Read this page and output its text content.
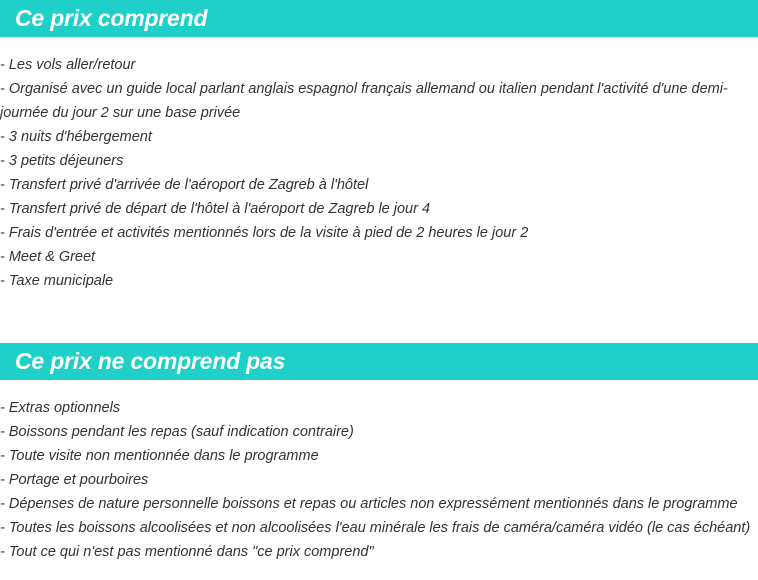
Ce prix comprend
- Les vols aller/retour
- Organisé avec un guide local parlant anglais espagnol français allemand ou italien pendant l'activité d'une demi-journée du jour 2 sur une base privée
- 3 nuits d'hébergement
- 3 petits déjeuners
- Transfert privé d'arrivée de l'aéroport de Zagreb à l'hôtel
- Transfert privé de départ de l'hôtel à l'aéroport de Zagreb le jour 4
- Frais d'entrée et activités mentionnés lors de la visite à pied de 2 heures le jour 2
- Meet & Greet
- Taxe municipale
Ce prix ne comprend pas
- Extras optionnels
- Boissons pendant les repas (sauf indication contraire)
- Toute visite non mentionnée dans le programme
- Portage et pourboires
- Dépenses de nature personnelle boissons et repas ou articles non expressément mentionnés dans le programme
- Toutes les boissons alcoolisées et non alcoolisées l'eau minérale les frais de caméra/caméra vidéo (le cas échéant)
- Tout ce qui n'est pas mentionné dans "ce prix comprend"
